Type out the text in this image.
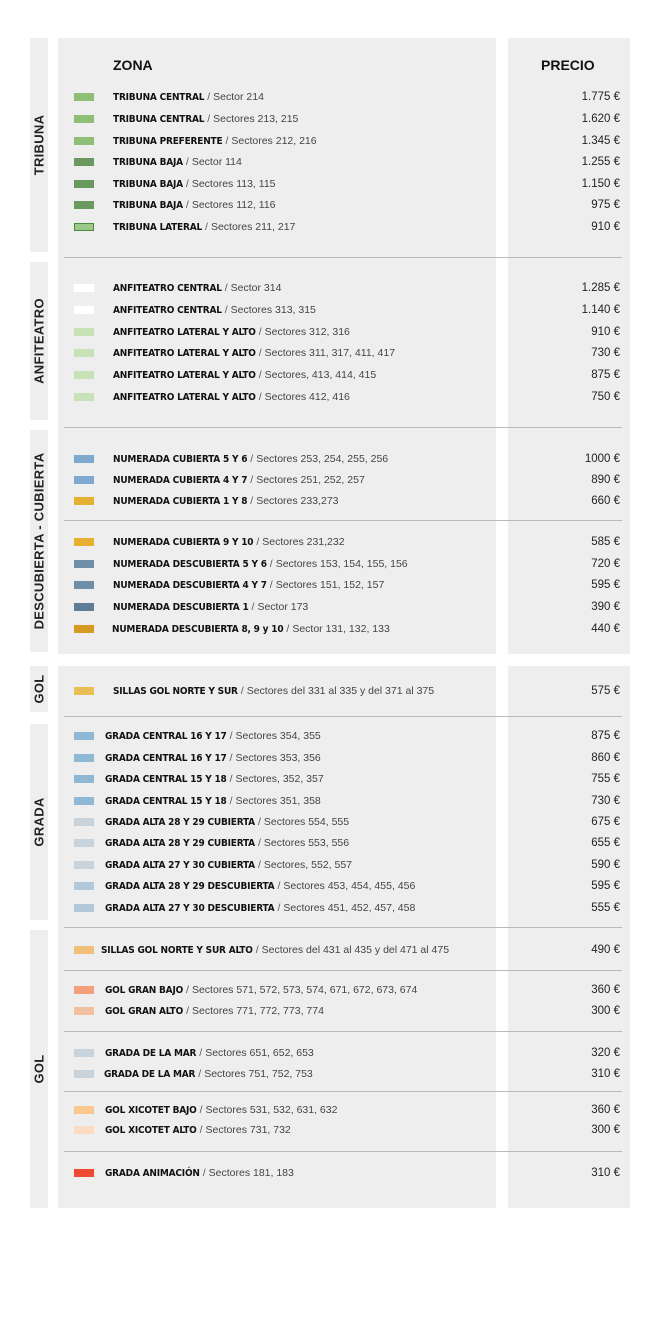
TRIBUNA
ANFITEATRO
DESCUBIERTA - CUBIERTA
GOL
GRADA
GOL
ZONA	PRECIO
TRIBUNA CENTRAL / Sector 214	1.775 €
TRIBUNA CENTRAL / Sectores 213, 215	1.620 €
TRIBUNA PREFERENTE / Sectores 212, 216	1.345 €
TRIBUNA BAJA / Sector 114	1.255 €
TRIBUNA BAJA / Sectores 113, 115	1.150 €
TRIBUNA BAJA / Sectores 112, 116	975 €
TRIBUNA LATERAL / Sectores 211, 217	910 €
ANFITEATRO CENTRAL / Sector 314	1.285 €
ANFITEATRO CENTRAL / Sectores 313, 315	1.140 €
ANFITEATRO LATERAL Y ALTO / Sectores 312, 316	910 €
ANFITEATRO LATERAL Y ALTO / Sectores 311, 317, 411, 417	730 €
ANFITEATRO LATERAL Y ALTO / Sectores, 413, 414, 415	875 €
ANFITEATRO LATERAL Y ALTO / Sectores 412, 416	750 €
NUMERADA CUBIERTA 5 Y 6 / Sectores 253, 254, 255, 256	1000 €
NUMERADA CUBIERTA 4 Y 7 / Sectores 251, 252, 257	890 €
NUMERADA CUBIERTA 1 Y 8 / Sectores 233,273	660 €
NUMERADA CUBIERTA 9 Y 10 / Sectores 231,232	585 €
NUMERADA DESCUBIERTA 5 Y 6 / Sectores 153, 154, 155, 156	720 €
NUMERADA DESCUBIERTA 4 Y 7 / Sectores 151, 152, 157	595 €
NUMERADA DESCUBIERTA 1 / Sector 173	390 €
NUMERADA DESCUBIERTA 8, 9 y 10 / Sector 131, 132, 133	440 €
SILLAS GOL NORTE Y SUR / Sectores del 331 al 335 y del 371 al 375	575 €
GRADA CENTRAL 16 Y 17 / Sectores 354, 355	875 €
GRADA CENTRAL 16 Y 17 / Sectores 353, 356	860 €
GRADA CENTRAL 15 Y 18 / Sectores, 352, 357	755 €
GRADA CENTRAL 15 Y 18 / Sectores 351, 358	730 €
GRADA ALTA 28 Y 29 CUBIERTA / Sectores 554, 555	675 €
GRADA ALTA 28 Y 29 CUBIERTA / Sectores 553, 556	655 €
GRADA ALTA 27 Y 30 CUBIERTA / Sectores, 552, 557	590 €
GRADA ALTA 28 Y 29 DESCUBIERTA / Sectores 453, 454, 455, 456	595 €
GRADA ALTA 27 Y 30 DESCUBIERTA / Sectores 451, 452, 457, 458	555 €
SILLAS GOL NORTE Y SUR ALTO / Sectores del 431 al 435 y del 471 al 475	490 €
GOL GRAN BAJO / Sectores 571, 572, 573, 574, 671, 672, 673, 674	360 €
GOL GRAN ALTO / Sectores 771, 772, 773, 774	300 €
GRADA DE LA MAR / Sectores 651, 652, 653	320 €
GRADA DE LA MAR / Sectores 751, 752, 753	310 €
GOL XICOTET BAJO / Sectores 531, 532, 631, 632	360 €
GOL XICOTET ALTO / Sectores 731, 732	300 €
GRADA ANIMACIÓN / Sectores 181, 183	310 €
